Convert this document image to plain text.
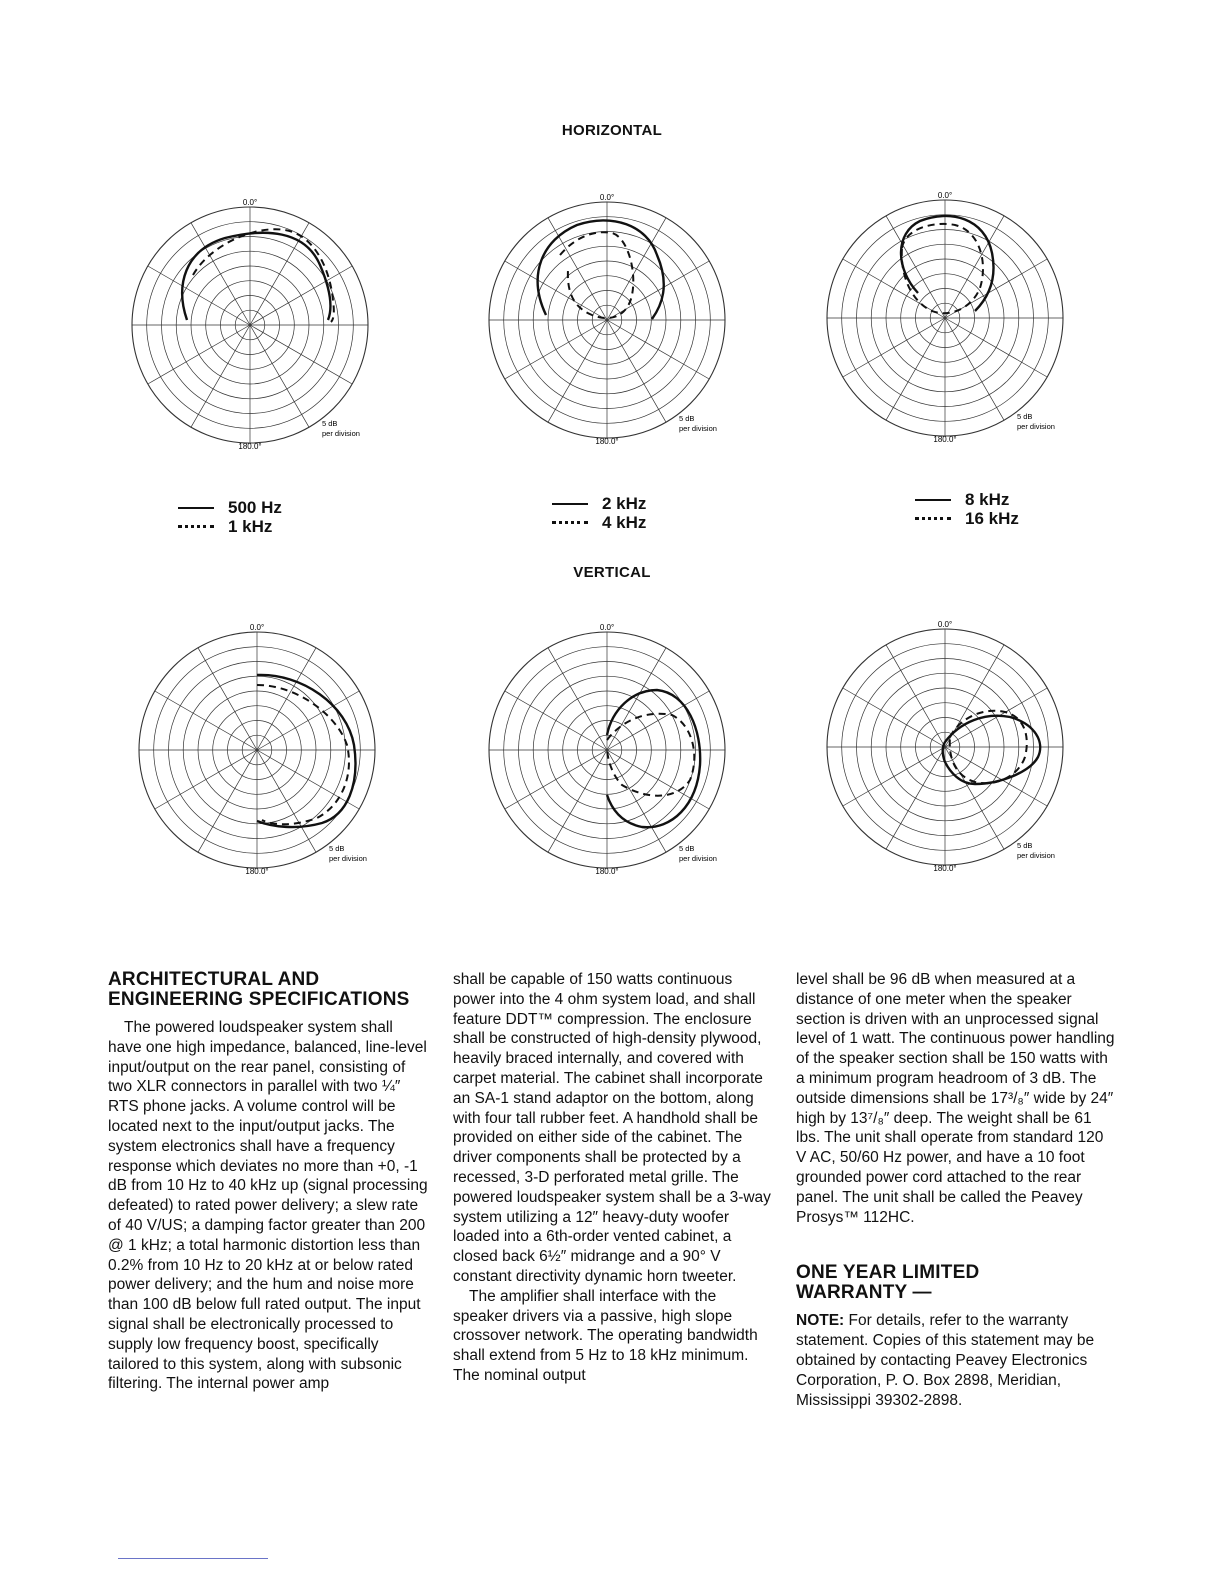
HORIZONTAL
0.0°
180.0°
5 dB
per division
0.0°
180.0°
5 dB
per division
0.0°
180.0°
5 dB
per division
500 Hz
1 kHz
2 kHz
4 kHz
8 kHz
16 kHz
VERTICAL
0.0°
180.0°
5 dB
per division
0.0°
180.0°
5 dB
per division
0.0°
180.0°
5 dB
per division
ARCHITECTURAL AND
ENGINEERING SPECIFICATIONS

The powered loudspeaker system shall have one high impedance, balanced, line-level input/output on the rear panel, consisting of two XLR connectors in parallel with two ¼″ RTS phone jacks. A volume control will be located next to the input/output jacks. The system electronics shall have a frequency response which deviates no more than +0, -1 dB from 10 Hz to 40 kHz up (signal processing defeated) to rated power delivery; a slew rate of 40 V/US; a damping factor greater than 200 @ 1 kHz; a total harmonic distortion less than 0.2% from 10 Hz to 20 kHz at or below rated power delivery; and the hum and noise more than 100 dB below full rated output. The input signal shall be electronically processed to supply low frequency boost, specifically tailored to this system, along with subsonic filtering. The internal power amp

shall be capable of 150 watts continuous power into the 4 ohm system load, and shall feature DDT™ compression. The enclosure shall be constructed of high-density plywood, heavily braced internally, and covered with carpet material. The cabinet shall incorporate an SA-1 stand adaptor on the bottom, along with four tall rubber feet. A handhold shall be provided on either side of the cabinet. The driver components shall be protected by a recessed, 3-D perforated metal grille. The powered loudspeaker system shall be a 3-way system utilizing a 12″ heavy-duty woofer loaded into a 6th-order vented cabinet, a closed back 6½″ midrange and a 90° V constant directivity dynamic horn tweeter.

The amplifier shall interface with the speaker drivers via a passive, high slope crossover network. The operating bandwidth shall extend from 5 Hz to 18 kHz minimum. The nominal output

level shall be 96 dB when measured at a distance of one meter when the speaker section is driven with an unprocessed signal level of 1 watt. The continuous power handling of the speaker section shall be 150 watts with a minimum program headroom of 3 dB. The outside dimensions shall be 17³/₈″ wide by 24″ high by 13⁷/₈″ deep. The weight shall be 61 lbs. The unit shall operate from standard 120 V AC, 50/60 Hz power, and have a 10 foot grounded power cord attached to the rear panel. The unit shall be called the Peavey Prosys™ 112HC.

ONE YEAR LIMITED
WARRANTY —

NOTE: For details, refer to the warranty statement. Copies of this statement may be obtained by contacting Peavey Electronics Corporation, P. O. Box 2898, Meridian, Mississippi 39302-2898.
